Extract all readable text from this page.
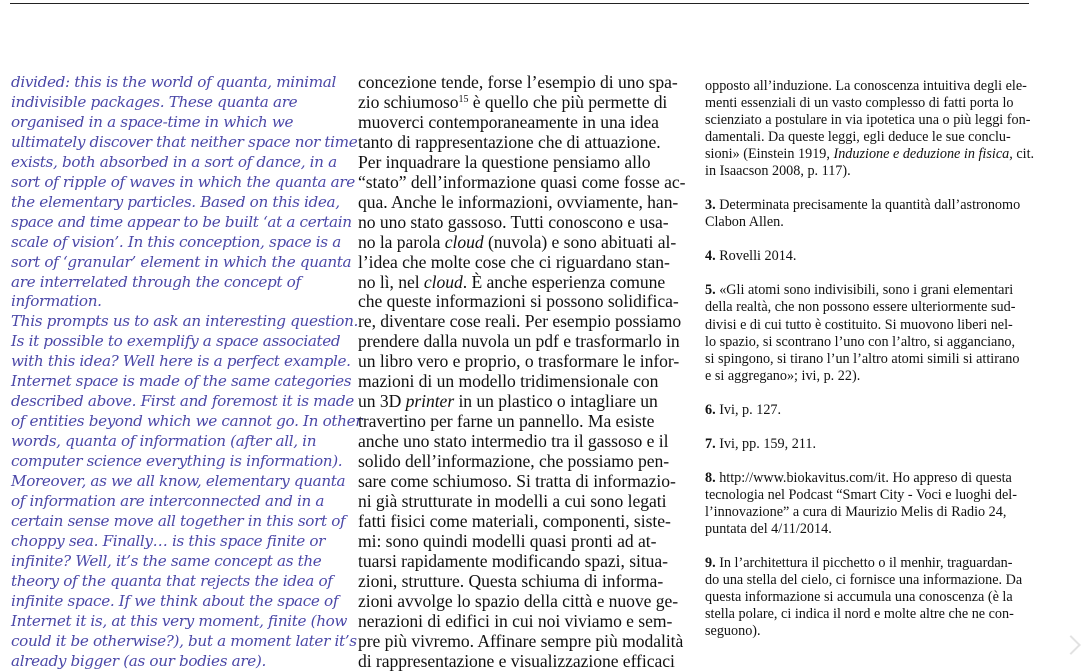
divided: this is the world of quanta, minimal
indivisible packages. These quanta are
organised in a space-time in which we
ultimately discover that neither space nor time
exists, both absorbed in a sort of dance, in a
sort of ripple of waves in which the quanta are
the elementary particles. Based on this idea,
space and time appear to be built ‘at a certain
scale of vision’. In this conception, space is a
sort of ‘granular’ element in which the quanta
are interrelated through the concept of
information.
This prompts us to ask an interesting question.
Is it possible to exemplify a space associated
with this idea? Well here is a perfect example.
Internet space is made of the same categories
described above. First and foremost it is made
of entities beyond which we cannot go. In other
words, quanta of information (after all, in
computer science everything is information).
Moreover, as we all know, elementary quanta
of information are interconnected and in a
certain sense move all together in this sort of
choppy sea. Finally… is this space finite or
infinite? Well, it’s the same concept as the
theory of the quanta that rejects the idea of
infinite space. If we think about the space of
Internet it is, at this very moment, finite (how
could it be otherwise?), but a moment later it’s
already bigger (as our bodies are).
concezione tende, forse l’esempio di uno spa-
zio schiumoso$^{15}$ è quello che più permette di
muoverci contemporaneamente in una idea
tanto di rappresentazione che di attuazione.
Per inquadrare la questione pensiamo allo
“stato” dell’informazione quasi come fosse ac-
qua. Anche le informazioni, ovviamente, han-
no uno stato gassoso. Tutti conoscono e usa-
no la parola cloud (nuvola) e sono abituati al-
l’idea che molte cose che ci riguardano stan-
no lì, nel cloud. È anche esperienza comune
che queste informazioni si possono solidifica-
re, diventare cose reali. Per esempio possiamo
prendere dalla nuvola un pdf e trasformarlo in
un libro vero e proprio, o trasformare le infor-
mazioni di un modello tridimensionale con
un 3D printer in un plastico o intagliare un
travertino per farne un pannello. Ma esiste
anche uno stato intermedio tra il gassoso e il
solido dell’informazione, che possiamo pen-
sare come schiumoso. Si tratta di informazio-
ni già strutturate in modelli a cui sono legati
fatti fisici come materiali, componenti, siste-
mi: sono quindi modelli quasi pronti ad at-
tuarsi rapidamente modificando spazi, situa-
zioni, strutture. Questa schiuma di informa-
zioni avvolge lo spazio della città e nuove ge-
nerazioni di edifici in cui noi viviamo e sem-
pre più vivremo. Affinare sempre più modalità
di rappresentazione e visualizzazione efficaci
opposto all’induzione. La conoscenza intuitiva degli ele-
menti essenziali di un vasto complesso di fatti porta lo
scienziato a postulare in via ipotetica una o più leggi fon-
damentali. Da queste leggi, egli deduce le sue conclu-
sioni» (Einstein 1919, Induzione e deduzione in fisica, cit.
in Isaacson 2008, p. 117).
3. Determinata precisamente la quantità dall’astronomo
Clabon Allen.
4. Rovelli 2014.
5. «Gli atomi sono indivisibili, sono i grani elementari
della realtà, che non possono essere ulteriormente sud-
divisi e di cui tutto è costituito. Si muovono liberi nel-
lo spazio, si scontrano l’uno con l’altro, si agganciano,
si spingono, si tirano l’un l’altro atomi simili si attirano
e si aggregano»; ivi, p. 22).
6. Ivi, p. 127.
7. Ivi, pp. 159, 211.
8. http://www.biokavitus.com/it. Ho appreso di questa
tecnologia nel Podcast “Smart City - Voci e luoghi del-
l’innovazione” a cura di Maurizio Melis di Radio 24,
puntata del 4/11/2014.
9. In l’architettura il picchetto o il menhir, traguardan-
do una stella del cielo, ci fornisce una informazione. Da
questa informazione si accumula una conoscenza (è la
stella polare, ci indica il nord e molte altre che ne con-
seguono).
